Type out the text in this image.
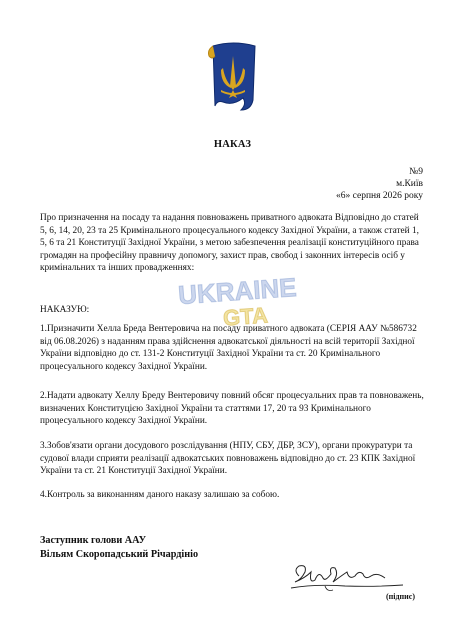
НАКАЗ
№9
м.Київ
«6» серпня 2026 року
Про призначення на посаду та надання повноважень приватного адвоката Відповідно до статей 5, 6, 14, 20, 23 та 25 Кримінального процесуального кодексу Західної України, а також статей 1, 5, 6 та 21 Конституції Західної України, з метою забезпечення реалізації конституційного права громадян на професійну правничу допомогу, захист прав, свобод і законних інтересів осіб у кримінальних та інших провадженнях:
UKRAINE
GTA
НАКАЗУЮ:
1.Призначити Хелла Бреда Вентеровича на посаду приватного адвоката (СЕРІЯ ААУ №586732 від 06.08.2026) з наданням права здійснення адвокатської діяльності на всій території Західної України відповідно до ст. 131-2 Конституції Західної України та ст. 20 Кримінального процесуального кодексу Західної України.
2.Надати адвокату Хеллу Бреду Вентеровичу повний обсяг процесуальних прав та повноважень, визначених Конституцією Західної України та статтями 17, 20 та 93 Кримінального процесуального кодексу Західної України.
3.Зобов'язати органи досудового розслідування (НПУ, СБУ, ДБР, ЗСУ), органи прокуратури та судової влади сприяти реалізації адвокатських повноважень відповідно до ст. 23 КПК Західної України та ст. 21 Конституції Західної України.
4.Контроль за виконанням даного наказу залишаю за собою.
Заступник голови ААУ
Вільям Скоропадський Річардініо
(підпис)
